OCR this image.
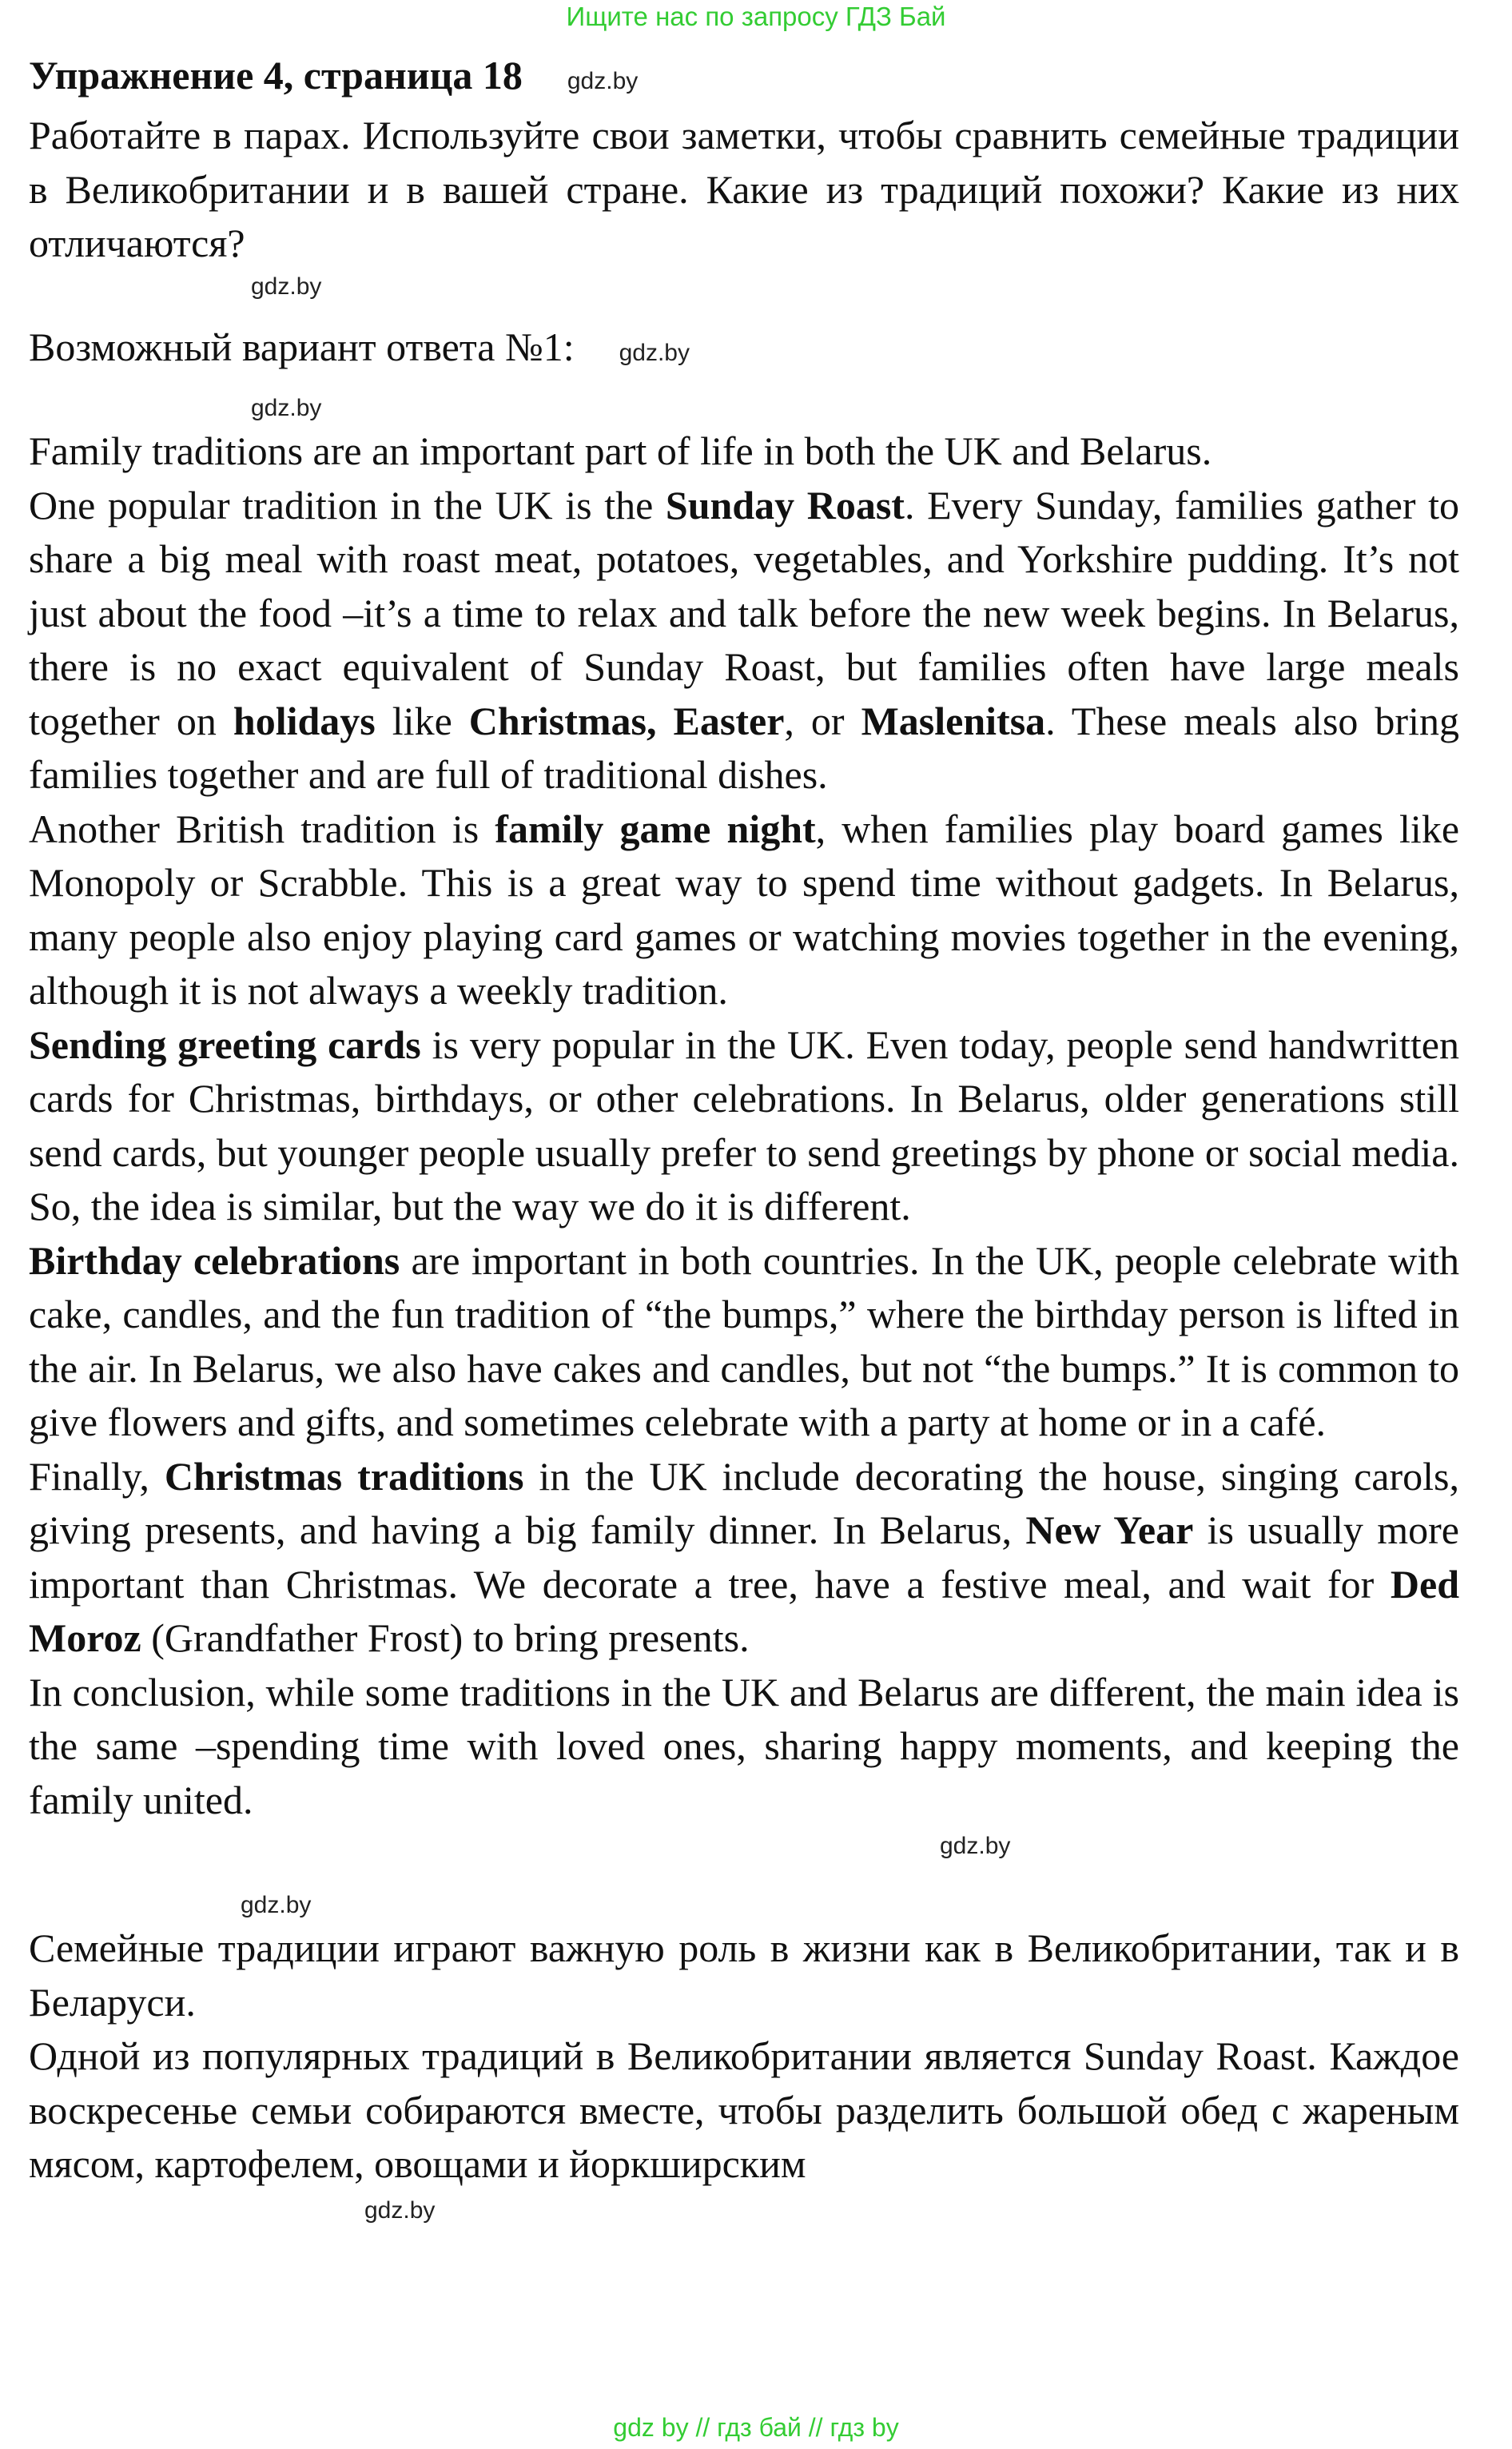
Ищите нас по запросу ГДЗ Бай

Упражнение 4, страница 18 gdz.by

Работайте в парах. Используйте свои заметки, чтобы сравнить семейные традиции в Великобритании и в вашей стране. Какие из традиций похожи? Какие из них отличаются?

gdz.by

Возможный вариант ответа №1: gdz.by

gdz.by

Family traditions are an important part of life in both the UK and Belarus.

One popular tradition in the UK is the Sunday Roast. Every Sunday, families gather to share a big meal with roast meat, potatoes, vegetables, and Yorkshire pudding. It’s not just about the food –it’s a time to relax and talk before the new week begins. In Belarus, there is no exact equivalent of Sunday Roast, but families often have large meals together on holidays like Christmas, Easter, or Maslenitsa. These meals also bring families together and are full of traditional dishes.

Another British tradition is family game night, when families play board games like Monopoly or Scrabble. This is a great way to spend time without gadgets. In Belarus, many people also enjoy playing card games or watching movies together in the evening, although it is not always a weekly tradition.

Sending greeting cards is very popular in the UK. Even today, people send handwritten cards for Christmas, birthdays, or other celebrations. In Belarus, older generations still send cards, but younger people usually prefer to send greetings by phone or social media. So, the idea is similar, but the way we do it is different.

Birthday celebrations are important in both countries. In the UK, people celebrate with cake, candles, and the fun tradition of “the bumps,” where the birthday person is lifted in the air. In Belarus, we also have cakes and candles, but not “the bumps.” It is common to give flowers and gifts, and sometimes celebrate with a party at home or in a café.

Finally, Christmas traditions in the UK include decorating the house, singing carols, giving presents, and having a big family dinner. In Belarus, New Year is usually more important than Christmas. We decorate a tree, have a festive meal, and wait for Ded Moroz (Grandfather Frost) to bring presents.

In conclusion, while some traditions in the UK and Belarus are different, the main idea is the same –spending time with loved ones, sharing happy moments, and keeping the family united.

gdz.by
gdz.by

Семейные традиции играют важную роль в жизни как в Великобритании, так и в Беларуси.

Одной из популярных традиций в Великобритании является Sunday Roast. Каждое воскресенье семьи собираются вместе, чтобы разделить большой обед с жареным мясом, картофелем, овощами и йоркширским

gdz.by
gdz by // гдз бай // гдз by
